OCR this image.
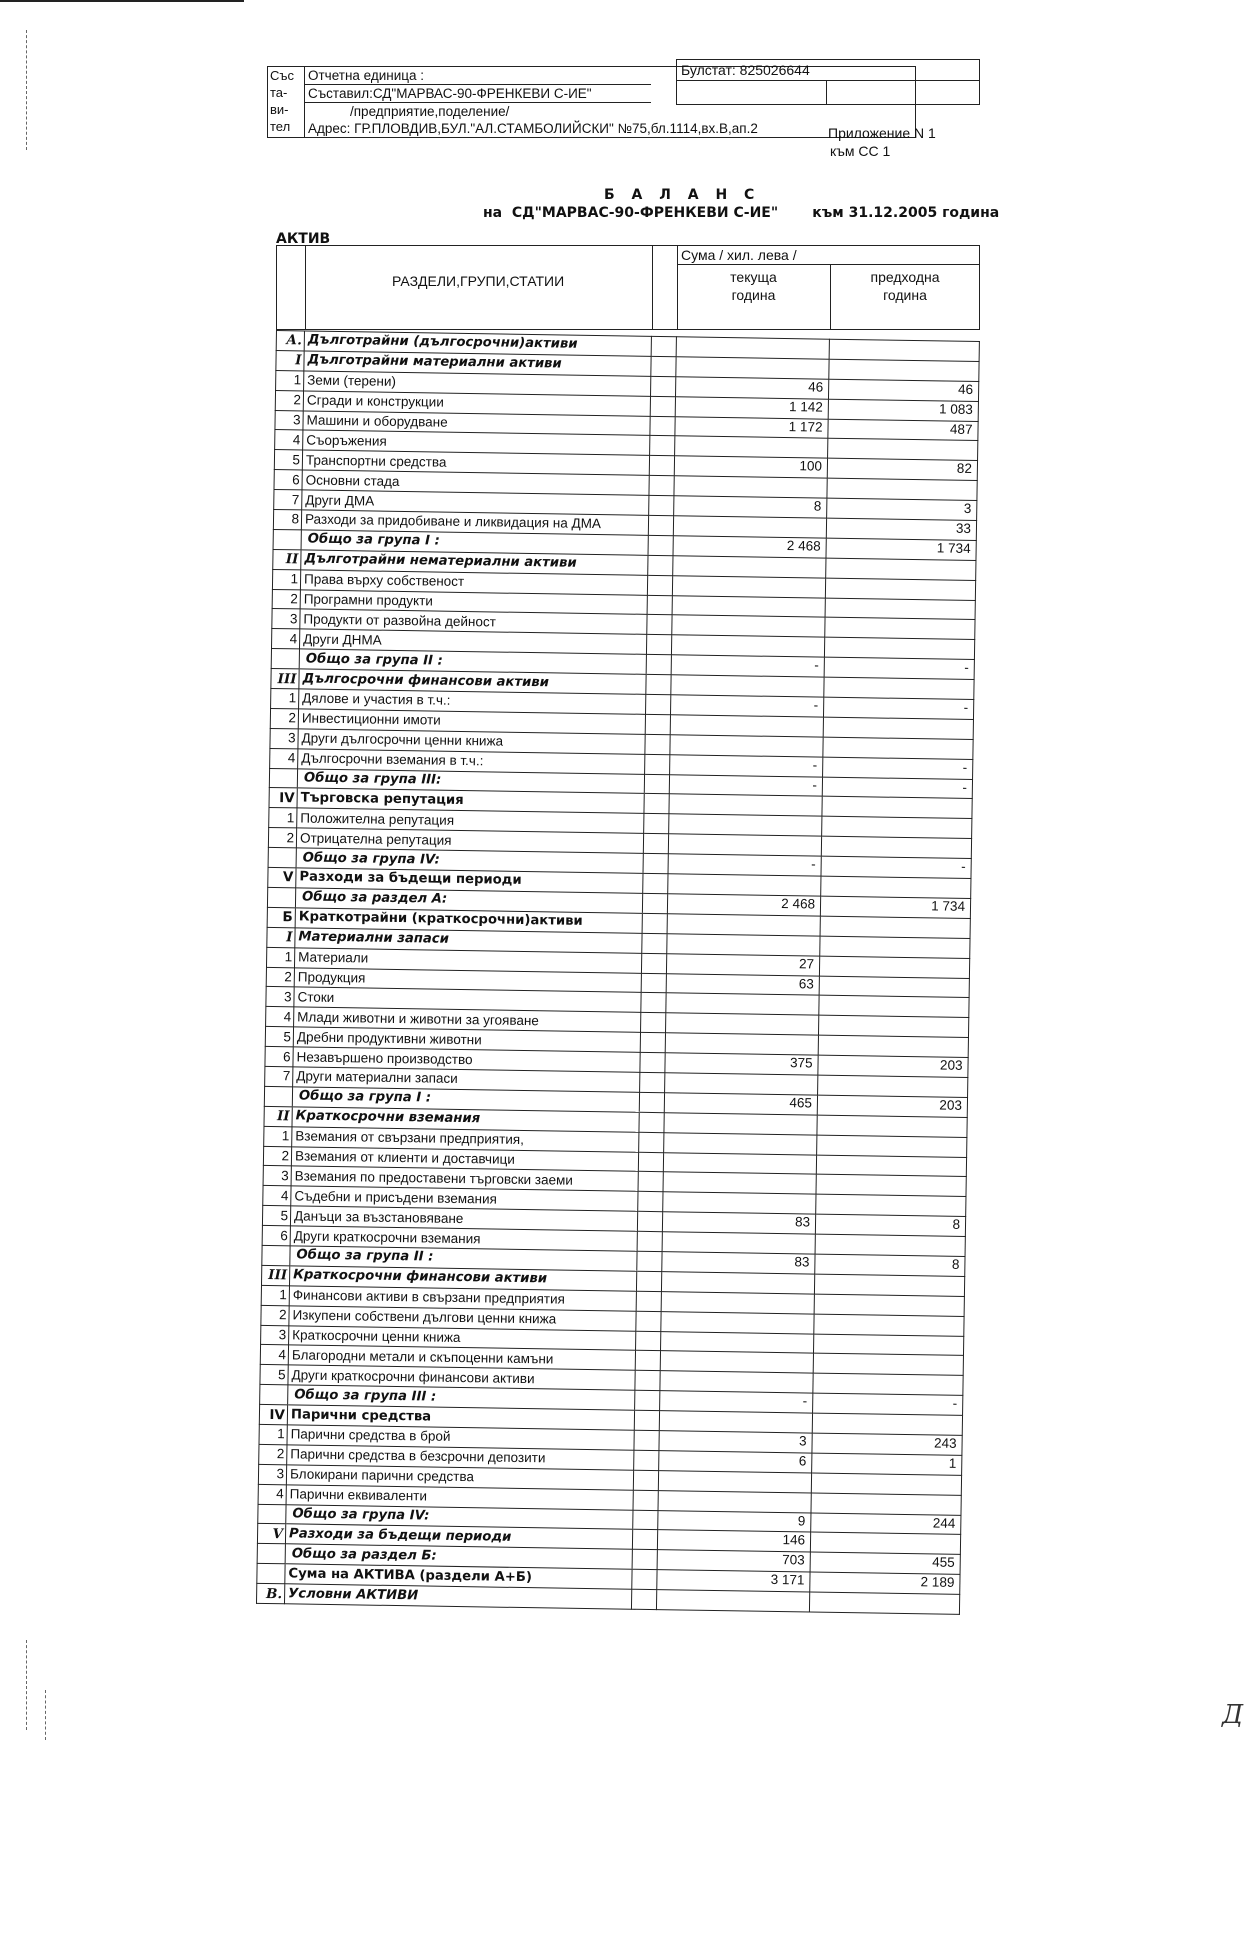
Със
та-
ви-
тел
Отчетна единица :
Съставил:СД"МАРВАС-90-ФРЕНКЕВИ С-ИЕ"
/предприятие,поделение/
Адрес: ГР.ПЛОВДИВ,БУЛ."АЛ.СТАМБОЛИЙСКИ" №75,бл.1114,вх.В,ап.2
Булстат: 825026644
Приложение N 1
към СС 1
Б А Л А Н С
на  СД"МАРВАС-90-ФРЕНКЕВИ С-ИЕ"       към 31.12.2005 година
АКТИВ
РАЗДЕЛИ,ГРУПИ,СТАТИИ
Сума / хил. лева /
текуща
година
предходна
година
А.	Дълготрайни (дългосрочни)активи			
I	Дълготрайни материални активи			
1	Земи (терени)		46	46
2	Сгради и конструкции		1 142	1 083
3	Машини и оборудване		1 172	487
4	Съоръжения			
5	Транспортни средства		100	82
6	Основни стада			
7	Други ДМА		8	3
8	Разходи за придобиване и ликвидация на ДМА			33
	Общо за група I :		2 468	1 734
II	Дълготрайни нематериални активи			
1	Права върху собственост			
2	Програмни продукти			
3	Продукти от развойна дейност			
4	Други ДНМА			
	Общо за група II :		-	-
III	Дългосрочни финансови активи			
1	Дялове и участия в т.ч.:		-	-
2	Инвестиционни имоти			
3	Други дългосрочни ценни книжа			
4	Дългосрочни вземания в т.ч.:		-	-
	Общо за група III:		-	-
IV	Търговска репутация			
1	Положителна репутация			
2	Отрицателна репутация			
	Общо за група IV:		-	-
V	Разходи за бъдещи периоди			
	Общо за раздел А:		2 468	1 734
Б	Краткотрайни (краткосрочни)активи			
I	Материални запаси			
1	Материали		27	
2	Продукция		63	
3	Стоки			
4	Млади животни и животни за угояване			
5	Дребни продуктивни животни			
6	Незавършено производство		375	203
7	Други материални запаси			
	Общо за група I :		465	203
II	Краткосрочни вземания			
1	Вземания от свързани предприятия,			
2	Вземания от клиенти и доставчици			
3	Вземания по предоставени търговски заеми			
4	Съдебни и присъдени вземания			
5	Данъци за възстановяване		83	8
6	Други краткосрочни вземания			
	Общо за група II :		83	8
III	Краткосрочни финансови активи			
1	Финансови активи в свързани предприятия			
2	Изкупени собствени дългови ценни книжа			
3	Краткосрочни ценни книжа			
4	Благородни метали и скъпоценни камъни			
5	Други краткосрочни финансови активи			
	Общо за група III :		-	-
IV	Парични средства			
1	Парични средства в брой		3	243
2	Парични средства в безсрочни депозити		6	1
3	Блокирани парични средства			
4	Парични еквиваленти			
	Общо за група IV:		9	244
V	Разходи за бъдещи периоди		146	
	Общо за раздел Б:		703	455
	Сума на АКТИВА (раздели А+Б)		3 171	2 189
В.	Условни АКТИВИ			
Д
